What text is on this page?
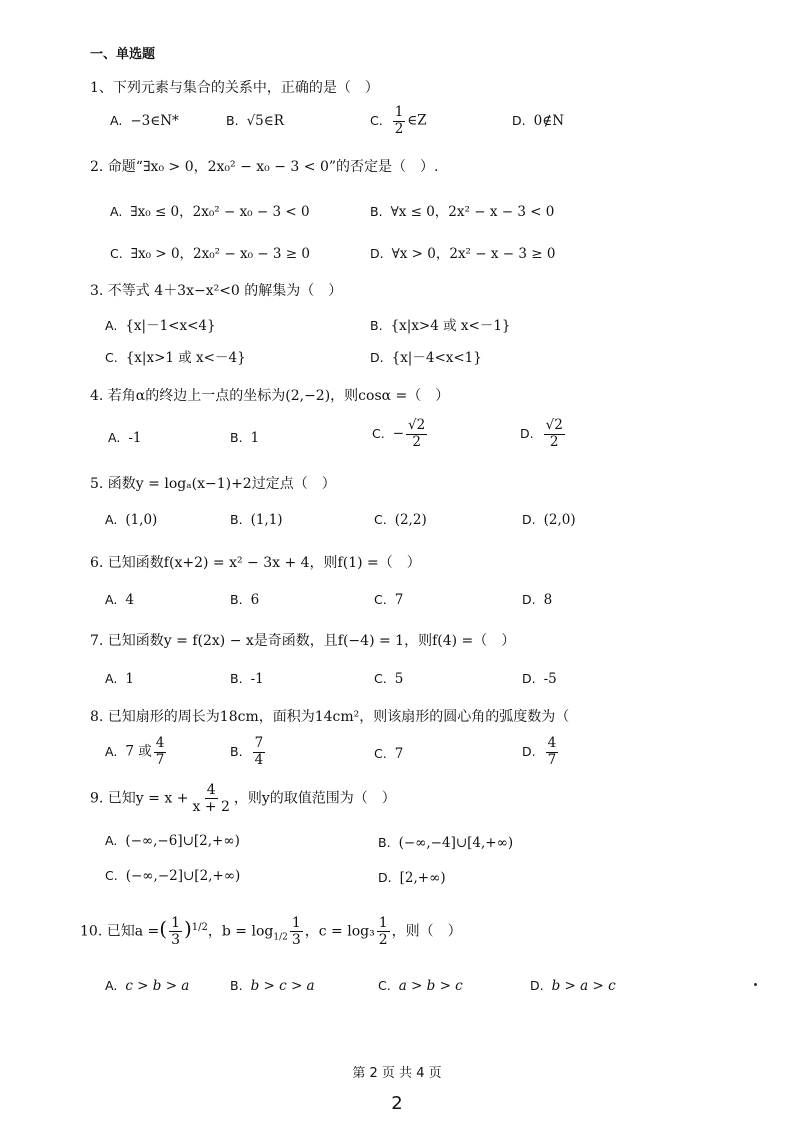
一、单选题
1、下列元素与集合的关系中，正确的是（　）
A. −3∈N*	B. √5∈R	C. $\frac{1}{2}$ ∈Z	D. 0∉N
2. 命题“∃x₀ > 0，2x₀² − x₀ − 3 < 0”的否定是（　）.
A. ∃x₀ ≤ 0，2x₀² − x₀ − 3 < 0	B. ∀x ≤ 0，2x² − x − 3 < 0
C. ∃x₀ > 0，2x₀² − x₀ − 3 ≥ 0	D. ∀x > 0，2x² − x − 3 ≥ 0
3. 不等式 4＋3x−x²<0 的解集为（　）
A. {x|－1<x<4}	B. {x|x>4 或 x<－1}
C. {x|x>1 或 x<－4}	D. {x|－4<x<1}
4. 若角α的终边上一点的坐标为(2,−2)，则cosα =（　）
A. -1	B. 1	C. − $\frac{√2}{2}$	D. $\frac{√2}{2}$
5. 函数y = logₐ(x−1)+2过定点（　）
A. (1,0)	B. (1,1)	C. (2,2)	D. (2,0)
6. 已知函数f(x+2) = x² − 3x + 4，则f(1) =（　）
A. 4	B. 6	C. 7	D. 8
7. 已知函数y = f(2x) − x是奇函数，且f(−4) = 1，则f(4) =（　）
A. 1	B. -1	C. 5	D. -5
8. 已知扇形的周长为18cm，面积为14cm²，则该扇形的圆心角的弧度数为（
A. 7 或 $\frac{4}{7}$	B. $\frac{7}{4}$	C. 7	D. $\frac{4}{7}$
9. 已知$y = x + \frac{4}{x + 2}$ ，则y的取值范围为（　）
A. (−∞,−6]∪[2,+∞)	B. (−∞,−4]∪[4,+∞)
C. (−∞,−2]∪[2,+∞)	D. [2,+∞)
10. 已知a =( $\frac{1}{3} )^{1/2}$，$b = \log_{1/2} \frac{1}{3}$ ，$c = \log_3 \frac{1}{2}$ ，则（　）
A. c > b > a	B. b > c > a	C. a > b > c	D. b > a > c
第 2 页 共 4 页
2
